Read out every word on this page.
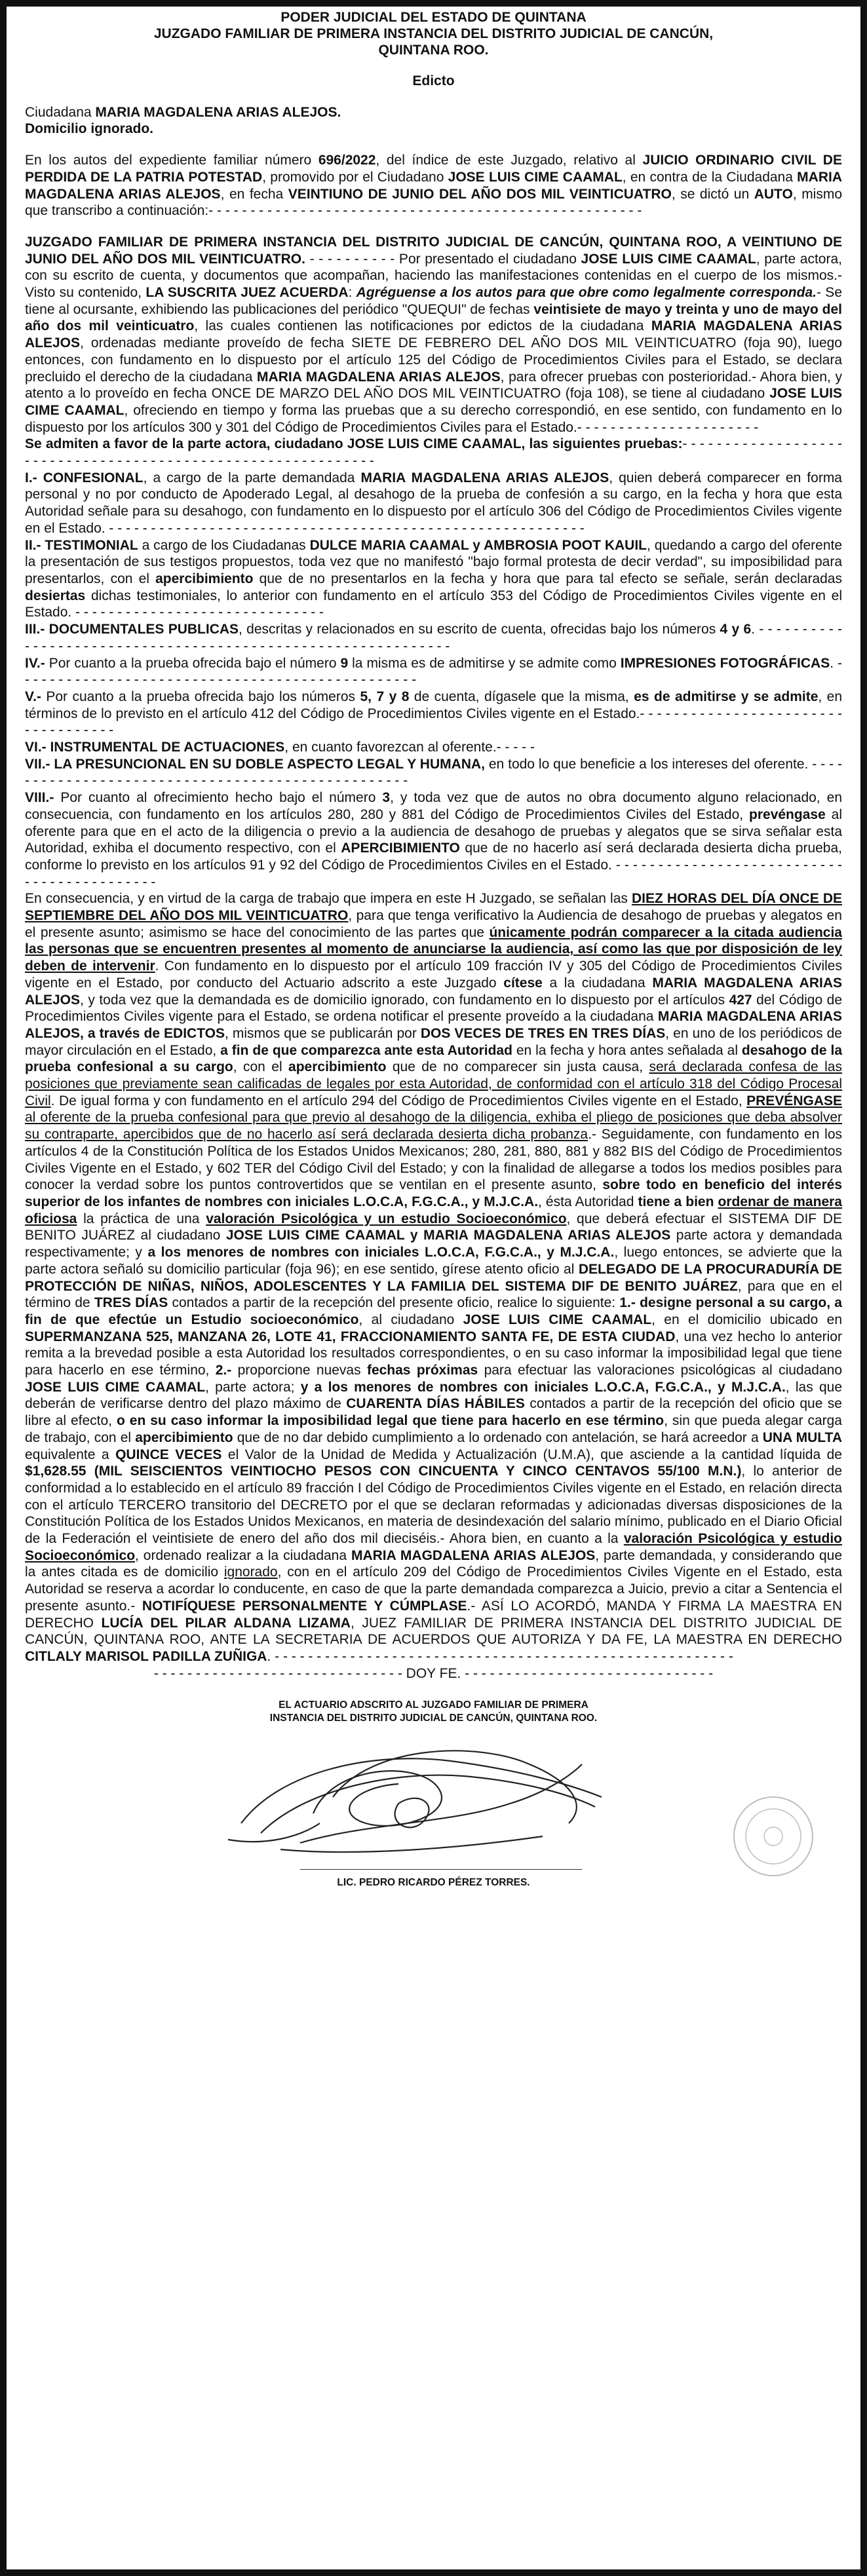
PODER JUDICIAL DEL ESTADO DE QUINTANA
JUZGADO FAMILIAR DE PRIMERA INSTANCIA DEL DISTRITO JUDICIAL DE CANCÚN,
QUINTANA ROO.
Edicto
Ciudadana MARIA MAGDALENA ARIAS ALEJOS.
Domicilio ignorado.

En los autos del expediente familiar número 696/2022, del índice de este Juzgado, relativo al JUICIO ORDINARIO CIVIL DE PERDIDA DE LA PATRIA POTESTAD, promovido por el Ciudadano JOSE LUIS CIME CAAMAL, en contra de la Ciudadana MARIA MAGDALENA ARIAS ALEJOS, en fecha VEINTIUNO DE JUNIO DEL AÑO DOS MIL VEINTICUATRO, se dictó un AUTO, mismo que transcribo a continuación:- - - - - - - - - - - - - - - - - - - - - - - - - - - - - - - - - - - - - - - - - - - - - - - - - - - -

JUZGADO FAMILIAR DE PRIMERA INSTANCIA DEL DISTRITO JUDICIAL DE CANCÚN, QUINTANA ROO, A VEINTIUNO DE JUNIO DEL AÑO DOS MIL VEINTICUATRO. - - - - - - - - - - Por presentado el ciudadano JOSE LUIS CIME CAAMAL, parte actora, con su escrito de cuenta, y documentos que acompañan, haciendo las manifestaciones contenidas en el cuerpo de los mismos.- Visto su contenido, LA SUSCRITA JUEZ ACUERDA: Agréguense a los autos para que obre como legalmente corresponda.- Se tiene al ocursante, exhibiendo las publicaciones del periódico "QUEQUI" de fechas veintisiete de mayo y treinta y uno de mayo del año dos mil veinticuatro, las cuales contienen las notificaciones por edictos de la ciudadana MARIA MAGDALENA ARIAS ALEJOS, ordenadas mediante proveído de fecha SIETE DE FEBRERO DEL AÑO DOS MIL VEINTICUATRO (foja 90), luego entonces, con fundamento en lo dispuesto por el artículo 125 del Código de Procedimientos Civiles para el Estado, se declara precluido el derecho de la ciudadana MARIA MAGDALENA ARIAS ALEJOS, para ofrecer pruebas con posterioridad.- Ahora bien, y atento a lo proveído en fecha ONCE DE MARZO DEL AÑO DOS MIL VEINTICUATRO (foja 108), se tiene al ciudadano JOSE LUIS CIME CAAMAL, ofreciendo en tiempo y forma las pruebas que a su derecho correspondió, en ese sentido, con fundamento en lo dispuesto por los artículos 300 y 301 del Código de Procedimientos Civiles para el Estado.- - - - - - - - - - - - - - - - - - - - - -

Se admiten a favor de la parte actora, ciudadano JOSE LUIS CIME CAAMAL, las siguientes pruebas:- - - - - - - - - - - - - - - - - - - - - - - - - - - - - - - - - - - - - - - - - - - - - - - - - - - - - - - - - - - - -

I.- CONFESIONAL, a cargo de la parte demandada MARIA MAGDALENA ARIAS ALEJOS, quien deberá comparecer en forma personal y no por conducto de Apoderado Legal, al desahogo de la prueba de confesión a su cargo, en la fecha y hora que esta Autoridad señale para su desahogo, con fundamento en lo dispuesto por el artículo 306 del Código de Procedimientos Civiles vigente en el Estado. - - - - - - - - - - - - - - - - - - - - - - - - - - - - - - - - - - - - - - - - - - - - - - - - - - - - - - - - -

II.- TESTIMONIAL a cargo de los Ciudadanas DULCE MARIA CAAMAL y AMBROSIA POOT KAUIL, quedando a cargo del oferente la presentación de sus testigos propuestos, toda vez que no manifestó "bajo formal protesta de decir verdad", su imposibilidad para presentarlos, con el apercibimiento que de no presentarlos en la fecha y hora que para tal efecto se señale, serán declaradas desiertas dichas testimoniales, lo anterior con fundamento en el artículo 353 del Código de Procedimientos Civiles vigente en el Estado. - - - - - - - - - - - - - - - - - - - - - - - - - - - - - -

III.- DOCUMENTALES PUBLICAS, descritas y relacionados en su escrito de cuenta, ofrecidas bajo los números 4 y 6. - - - - - - - - - - - - - - - - - - - - - - - - - - - - - - - - - - - - - - - - - - - - - - - - - - - - - - - - - - - - -

IV.- Por cuanto a la prueba ofrecida bajo el número 9 la misma es de admitirse y se admite como IMPRESIONES FOTOGRÁFICAS. - - - - - - - - - - - - - - - - - - - - - - - - - - - - - - - - - - - - - - - - - - - - - - - -

V.- Por cuanto a la prueba ofrecida bajo los números 5, 7 y 8 de cuenta, dígasele que la misma, es de admitirse y se admite, en términos de lo previsto en el artículo 412 del Código de Procedimientos Civiles vigente en el Estado.- - - - - - - - - - - - - - - - - - - - - - - - - - - - - - - - - - -

VI.- INSTRUMENTAL DE ACTUACIONES, en cuanto favorezcan al oferente.- - - - -

VII.- LA PRESUNCIONAL EN SU DOBLE ASPECTO LEGAL Y HUMANA, en todo lo que beneficie a los intereses del oferente. - - - - - - - - - - - - - - - - - - - - - - - - - - - - - - - - - - - - - - - - - - - - - - - - - -

VIII.- Por cuanto al ofrecimiento hecho bajo el número 3, y toda vez que de autos no obra documento alguno relacionado, en consecuencia, con fundamento en los artículos 280, 280 y 881 del Código de Procedimientos Civiles del Estado, prevéngase al oferente para que en el acto de la diligencia o previo a la audiencia de desahogo de pruebas y alegatos que se sirva señalar esta Autoridad, exhiba el documento respectivo, con el APERCIBIMIENTO que de no hacerlo así será declarada desierta dicha prueba, conforme lo previsto en los artículos 91 y 92 del Código de Procedimientos Civiles en el Estado. - - - - - - - - - - - - - - - - - - - - - - - - - - - - - - - - - - - - - - - - - - -

En consecuencia, y en virtud de la carga de trabajo que impera en este H Juzgado, se señalan las DIEZ HORAS DEL DÍA ONCE DE SEPTIEMBRE DEL AÑO DOS MIL VEINTICUATRO, para que tenga verificativo la Audiencia de desahogo de pruebas y alegatos en el presente asunto; asimismo se hace del conocimiento de las partes que únicamente podrán comparecer a la citada audiencia las personas que se encuentren presentes al momento de anunciarse la audiencia, así como las que por disposición de ley deben de intervenir. Con fundamento en lo dispuesto por el artículo 109 fracción IV y 305 del Código de Procedimientos Civiles vigente en el Estado, por conducto del Actuario adscrito a este Juzgado cítese a la ciudadana MARIA MAGDALENA ARIAS ALEJOS, y toda vez que la demandada es de domicilio ignorado, con fundamento en lo dispuesto por el artículos 427 del Código de Procedimientos Civiles vigente para el Estado, se ordena notificar el presente proveído a la ciudadana MARIA MAGDALENA ARIAS ALEJOS, a través de EDICTOS, mismos que se publicarán por DOS VECES DE TRES EN TRES DÍAS, en uno de los periódicos de mayor circulación en el Estado, a fin de que comparezca ante esta Autoridad en la fecha y hora antes señalada al desahogo de la prueba confesional a su cargo, con el apercibimiento que de no comparecer sin justa causa, será declarada confesa de las posiciones que previamente sean calificadas de legales por esta Autoridad, de conformidad con el artículo 318 del Código Procesal Civil. De igual forma y con fundamento en el artículo 294 del Código de Procedimientos Civiles vigente en el Estado, PREVÉNGASE al oferente de la prueba confesional para que previo al desahogo de la diligencia, exhiba el pliego de posiciones que deba absolver su contraparte, apercibidos que de no hacerlo así será declarada desierta dicha probanza.- Seguidamente, con fundamento en los artículos 4 de la Constitución Política de los Estados Unidos Mexicanos; 280, 281, 880, 881 y 882 BIS del Código de Procedimientos Civiles Vigente en el Estado, y 602 TER del Código Civil del Estado; y con la finalidad de allegarse a todos los medios posibles para conocer la verdad sobre los puntos controvertidos que se ventilan en el presente asunto, sobre todo en beneficio del interés superior de los infantes de nombres con iniciales L.O.C.A, F.G.C.A., y M.J.C.A., ésta Autoridad tiene a bien ordenar de manera oficiosa la práctica de una valoración Psicológica y un estudio Socioeconómico, que deberá efectuar el SISTEMA DIF DE BENITO JUÁREZ al ciudadano JOSE LUIS CIME CAAMAL y MARIA MAGDALENA ARIAS ALEJOS parte actora y demandada respectivamente; y a los menores de nombres con iniciales L.O.C.A, F.G.C.A., y M.J.C.A., luego entonces, se advierte que la parte actora señaló su domicilio particular (foja 96); en ese sentido, gírese atento oficio al DELEGADO DE LA PROCURADURÍA DE PROTECCIÓN DE NIÑAS, NIÑOS, ADOLESCENTES Y LA FAMILIA DEL SISTEMA DIF DE BENITO JUÁREZ, para que en el término de TRES DÍAS contados a partir de la recepción del presente oficio, realice lo siguiente: 1.- designe personal a su cargo, a fin de que efectúe un Estudio socioeconómico, al ciudadano JOSE LUIS CIME CAAMAL, en el domicilio ubicado en SUPERMANZANA 525, MANZANA 26, LOTE 41, FRACCIONAMIENTO SANTA FE, DE ESTA CIUDAD, una vez hecho lo anterior remita a la brevedad posible a esta Autoridad los resultados correspondientes, o en su caso informar la imposibilidad legal que tiene para hacerlo en ese término, 2.- proporcione nuevas fechas próximas para efectuar las valoraciones psicológicas al ciudadano JOSE LUIS CIME CAAMAL, parte actora; y a los menores de nombres con iniciales L.O.C.A, F.G.C.A., y M.J.C.A., las que deberán de verificarse dentro del plazo máximo de CUARENTA DÍAS HÁBILES contados a partir de la recepción del oficio que se libre al efecto, o en su caso informar la imposibilidad legal que tiene para hacerlo en ese término, sin que pueda alegar carga de trabajo, con el apercibimiento que de no dar debido cumplimiento a lo ordenado con antelación, se hará acreedor a UNA MULTA equivalente a QUINCE VECES el Valor de la Unidad de Medida y Actualización (U.M.A), que asciende a la cantidad líquida de $1,628.55 (MIL SEISCIENTOS VEINTIOCHO PESOS CON CINCUENTA Y CINCO CENTAVOS 55/100 M.N.), lo anterior de conformidad a lo establecido en el artículo 89 fracción I del Código de Procedimientos Civiles vigente en el Estado, en relación directa con el artículo TERCERO transitorio del DECRETO por el que se declaran reformadas y adicionadas diversas disposiciones de la Constitución Política de los Estados Unidos Mexicanos, en materia de desindexación del salario mínimo, publicado en el Diario Oficial de la Federación el veintisiete de enero del año dos mil dieciséis.- Ahora bien, en cuanto a la valoración Psicológica y estudio Socioeconómico, ordenado realizar a la ciudadana MARIA MAGDALENA ARIAS ALEJOS, parte demandada, y considerando que la antes citada es de domicilio ignorado, con en el artículo 209 del Código de Procedimientos Civiles Vigente en el Estado, esta Autoridad se reserva a acordar lo conducente, en caso de que la parte demandada comparezca a Juicio, previo a citar a Sentencia el presente asunto.- NOTIFÍQUESE PERSONALMENTE Y CÚMPLASE.- ASÍ LO ACORDÓ, MANDA Y FIRMA LA MAESTRA EN DERECHO LUCÍA DEL PILAR ALDANA LIZAMA, JUEZ FAMILIAR DE PRIMERA INSTANCIA DEL DISTRITO JUDICIAL DE CANCÚN, QUINTANA ROO, ANTE LA SECRETARIA DE ACUERDOS QUE AUTORIZA Y DA FE, LA MAESTRA EN DERECHO CITLALY MARISOL PADILLA ZUÑIGA. - - - - - - - - - - - - - - - - - - - - - - - - - - - - - - - - - - - - - - - - - - - - - - - - - - - - - - -

- - - - - - - - - - - - - - - - - - - - - - - - - - - - - - DOY FE. - - - - - - - - - - - - - - - - - - - - - - - - - - - - - -

EL ACTUARIO ADSCRITO AL JUZGADO FAMILIAR DE PRIMERA
INSTANCIA DEL DISTRITO JUDICIAL DE CANCÚN, QUINTANA ROO.
LIC. PEDRO RICARDO PÉREZ TORRES.
